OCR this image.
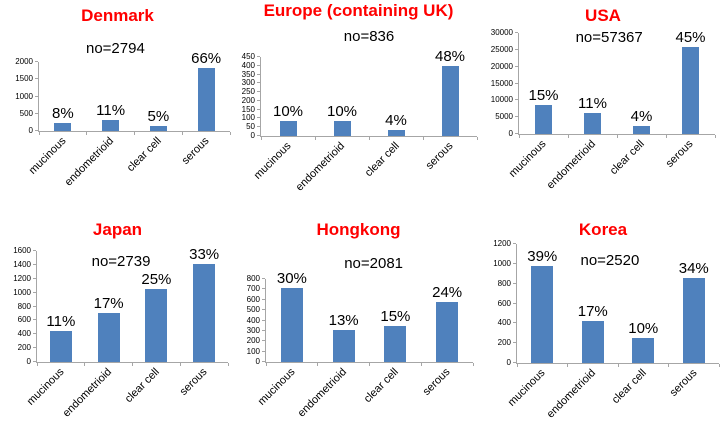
Denmark
0
500
1000
1500
2000
no=2794
8% 11% 5%
66%
mucinous
endometrioid clear cell serous
Europe (containing UK)
0
50
100
150
200
250
300
350
400
450
no=836
10% 10%
4%
48%
mucinous endometrioid clear cell serous
USA
0
5000
10000
15000
20000
25000
30000	no=57367
15% 11%
4%
45%
mucinous
endometrioid clear cell serous
Japan
0
200
400
600
800
1000
1200
1400
1600
no=2739
11%
17%
25%
33%
mucinous
endometrioid clear cell serous
Hongkong
0
100
200
300
400
500
600
700
800
no=2081
30%
13% 15%
24%
mucinous
endometrioid clear cell serous
Korea
0
200
400
600
800
1000
1200
no=2520
39%
17%
10%
34%
mucinous
endometrioid clear cell serous
